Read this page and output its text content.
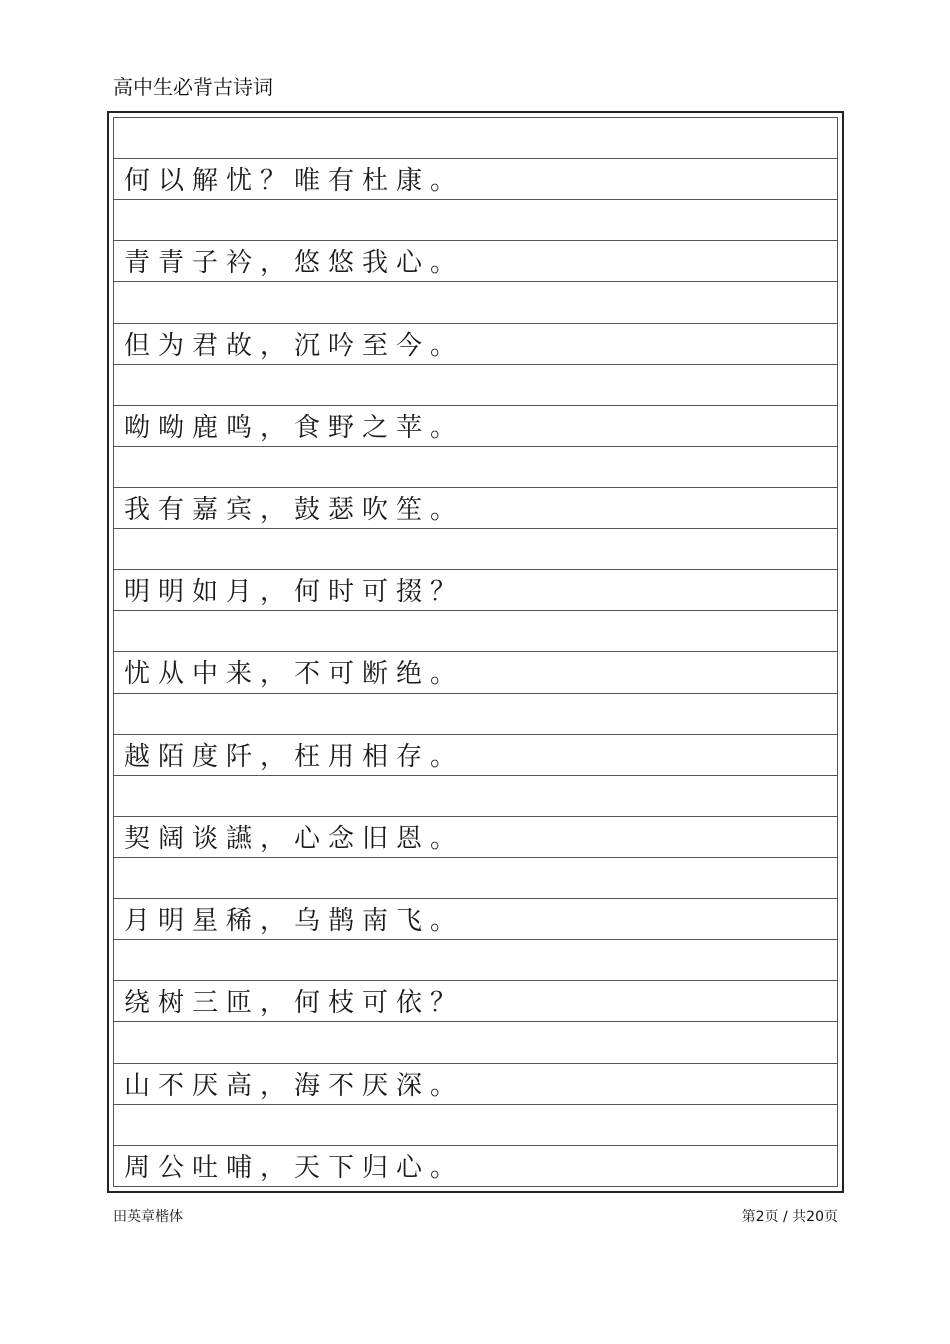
高中生必背古诗词
何以解忧？唯有杜康。
青青子衿，悠悠我心。
但为君故，沉吟至今。
呦呦鹿鸣，食野之苹。
我有嘉宾，鼓瑟吹笙。
明明如月，何时可掇？
忧从中来，不可断绝。
越陌度阡，枉用相存。
契阔谈讌，心念旧恩。
月明星稀，乌鹊南飞。
绕树三匝，何枝可依？
山不厌高，海不厌深。
周公吐哺，天下归心。
田英章楷体	第2页 / 共20页
